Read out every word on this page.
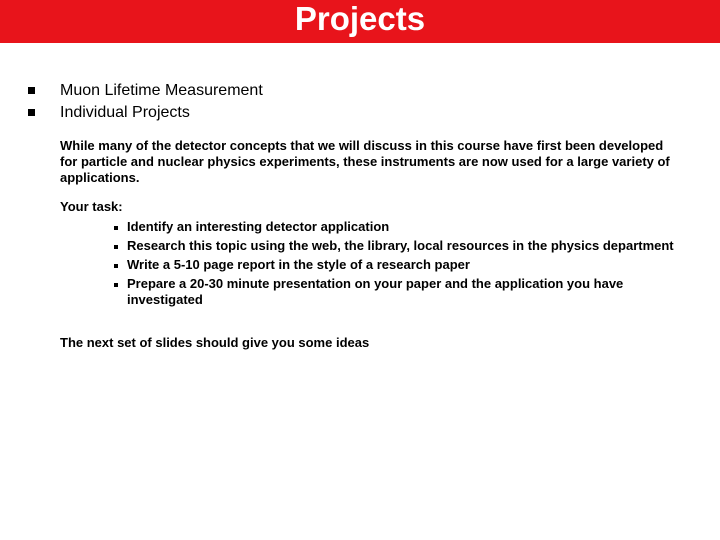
Projects
Muon Lifetime Measurement
Individual Projects

While many of the detector concepts that we will discuss in this course have first been developed for particle and nuclear physics experiments, these instruments are now used for a large variety of applications.

Your task:

Identify an interesting detector application
Research this topic using the web, the library, local resources in the physics department
Write a 5-10 page report in the style of a research paper
Prepare a 20-30 minute presentation on your paper and the application you have investigated

The next set of slides should give you some ideas
